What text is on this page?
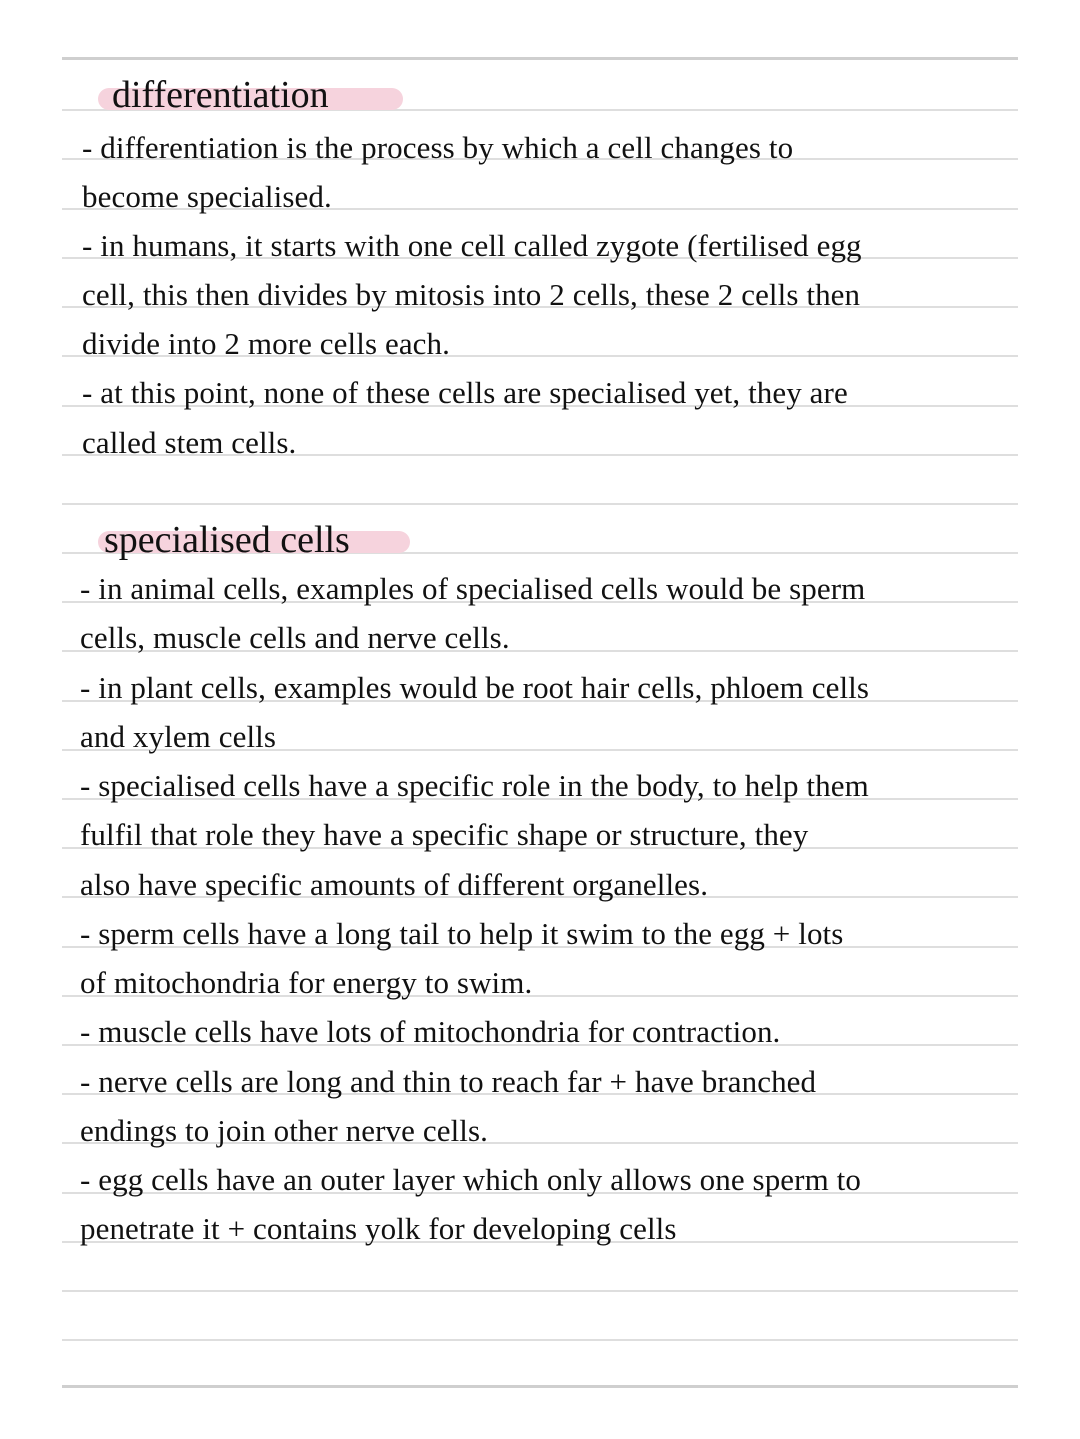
differentiation
- differentiation is the process by which a cell changes to
become specialised.
- in humans, it starts with one cell called zygote (fertilised egg
cell, this then divides by mitosis into 2 cells, these 2 cells then
divide into 2 more cells each.
- at this point, none of these cells are specialised yet, they are
called stem cells.
specialised cells
- in animal cells, examples of specialised cells would be sperm
cells, muscle cells and nerve cells.
- in plant cells, examples would be root hair cells, phloem cells
and xylem cells
- specialised cells have a specific role in the body, to help them
fulfil that role they have a specific shape or structure, they
also have specific amounts of different organelles.
- sperm cells have a long tail to help it swim to the egg + lots
of mitochondria for energy to swim.
- muscle cells have lots of mitochondria for contraction.
- nerve cells are long and thin to reach far + have branched
endings to join other nerve cells.
- egg cells have an outer layer which only allows one sperm to
penetrate it + contains yolk for developing cells
